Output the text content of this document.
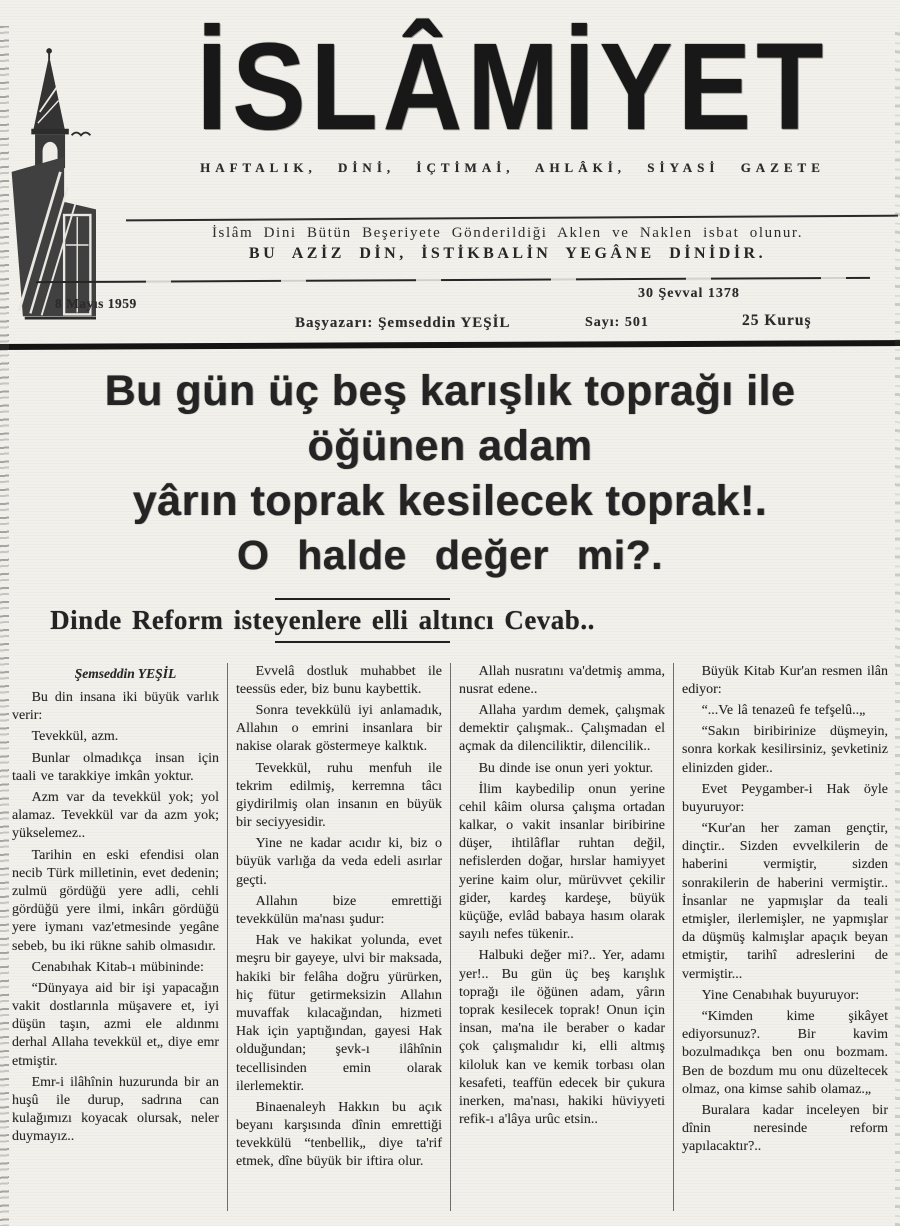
İSLÂMİYET
HAFTALIK, DİNİ, İÇTİMAİ, AHLÂKİ, SİYASİ GAZETE
İslâm Dini Bütün Beşeriyete Gönderildiği Aklen ve Naklen isbat olunur.
BU AZİZ DİN, İSTİKBALİN YEGÂNE DİNİDİR.
8 Mayıs 1959
Başyazarı: Şemseddin YEŞİL
30 Şevval 1378
Sayı: 501	25 Kuruş
Bu gün üç beş karışlık toprağı ile
öğünen adam
yârın toprak kesilecek toprak!.
O halde değer mi?.
Dinde Reform isteyenlere elli altıncı Cevab..
Şemseddin YEŞİL

Bu din insana iki büyük varlık verir:

Tevekkül, azm.

Bunlar olmadıkça insan için taali ve tarakkiye imkân yoktur.

Azm var da tevekkül yok; yol alamaz. Tevekkül var da azm yok; yükselemez..

Tarihin en eski efendisi olan necib Türk milletinin, evet dedenin; zulmü gördüğü yere adli, cehli gördüğü yere ilmi, inkârı gördüğü yere iymanı vaz'etmesinde yegâne sebeb, bu iki rükne sahib olmasıdır.

Cenabıhak Kitab-ı mübininde:

“Dünyaya aid bir işi yapacağın vakit dostlarınla müşavere et, iyi düşün taşın, azmi ele aldınmı derhal Allaha tevekkül et„ diye emr etmiştir.

Emr-i ilâhînin huzurunda bir an huşû ile durup, sadrına can kulağımızı koyacak olursak, neler duymayız..

Evvelâ dostluk muhabbet ile teessüs eder, biz bunu kaybettik.

Sonra tevekkülü iyi anlamadık, Allahın o emrini insanlara bir nakise olarak göstermeye kalktık.

Tevekkül, ruhu menfuh ile tekrim edilmiş, kerremna tâcı giydirilmiş olan insanın en büyük bir seciyyesidir.

Yine ne kadar acıdır ki, biz o büyük varlığa da veda edeli asırlar geçti.

Allahın bize emrettiği tevekkülün ma'nası şudur:

Hak ve hakikat yolunda, evet meşru bir gayeye, ulvi bir maksada, hakiki bir felâha doğru yürürken, hiç fütur getirmeksizin Allahın muvaffak kılacağından, hizmeti Hak için yaptığından, gayesi Hak olduğundan; şevk-ı ilâhînin tecellisinden emin olarak ilerlemektir.

Binaenaleyh Hakkın bu açık beyanı karşısında dînin emrettiği tevekkülü “tenbellik„ diye ta'rif etmek, dîne büyük bir iftira olur.

Allah nusratını va'detmiş amma, nusrat edene..

Allaha yardım demek, çalışmak demektir çalışmak.. Çalışmadan el açmak da dilenciliktir, dilencilik..

Bu dinde ise onun yeri yoktur.

İlim kaybedilip onun yerine cehil kâim olursa çalışma ortadan kalkar, o vakit insanlar biribirine düşer, ihtilâflar ruhtan değil, nefislerden doğar, hırslar hamiyyet yerine kaim olur, mürüvvet çekilir gider, kardeş kardeşe, büyük küçüğe, evlâd babaya hasım olarak sayılı nefes tükenir..

Halbuki değer mi?.. Yer, adamı yer!.. Bu gün üç beş karışlık toprağı ile öğünen adam, yârın toprak kesilecek toprak! Onun için insan, ma'na ile beraber o kadar çok çalışmalıdır ki, elli altmış kiloluk kan ve kemik torbası olan kesafeti, teaffün edecek bir çukura inerken, ma'nası, hakiki hüviyyeti refik-ı a'lâya urûc etsin..

Büyük Kitab Kur'an resmen ilân ediyor:

“...Ve lâ tenazeû fe tefşelû..„

“Sakın biribirinize düşmeyin, sonra korkak kesilirsiniz, şevketiniz elinizden gider..

Evet Peygamber-i Hak öyle buyuruyor:

“Kur'an her zaman gençtir, dinçtir.. Sizden evvelkilerin de haberini vermiştir, sizden sonrakilerin de haberini vermiştir.. İnsanlar ne yapmışlar da teali etmişler, ilerlemişler, ne yapmışlar da düşmüş kalmışlar apaçık beyan etmiştir, tarihî adreslerini de vermiştir...

Yine Cenabıhak buyuruyor:

“Kimden kime şikâyet ediyorsunuz?. Bir kavim bozulmadıkça ben onu bozmam. Ben de bozdum mu onu düzeltecek olmaz, ona kimse sahib olamaz.„

Buralara kadar inceleyen bir dînin neresinde reform yapılacaktır?..
